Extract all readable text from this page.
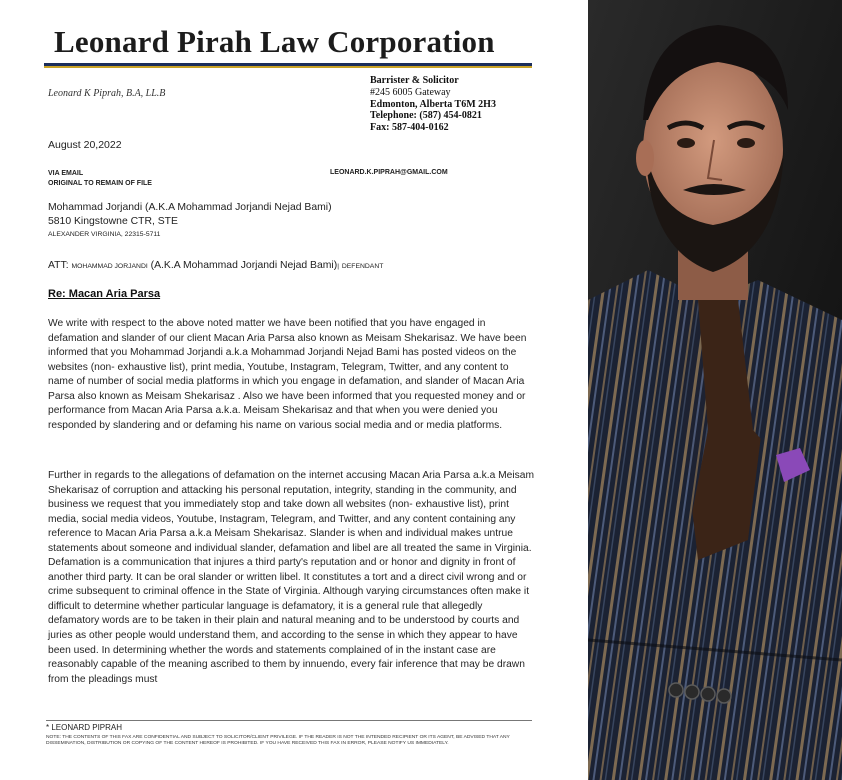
Leonard Pirah Law Corporation
Leonard K Piprah, B.A, LL.B
Barrister & Solicitor
#245 6005 Gateway
Edmonton, Alberta T6M 2H3
Telephone: (587) 454-0821
Fax: 587-404-0162
August 20,2022
VIA EMAIL
ORIGINAL TO REMAIN OF FILE
LEONARD.K.PIPRAH@GMAIL.COM
Mohammad Jorjandi (A.K.A Mohammad Jorjandi Nejad Bami)
5810 Kingstowne CTR, STE
ALEXANDER VIRGINIA, 22315-5711
ATT: MOHAMMAD JORJANDI (A.K.A Mohammad Jorjandi Nejad Bami)| DEFENDANT
Re: Macan Aria Parsa
We write with respect to the above noted matter we have been notified that you have engaged in defamation and slander of our client Macan Aria Parsa also known as Meisam Shekarisaz. We have been informed that you Mohammad Jorjandi a.k.a Mohammad Jorjandi Nejad Bami has posted videos on the websites (non- exhaustive list), print media, Youtube, Instagram, Telegram, Twitter, and any content to name of number of social media platforms in which you engage in defamation, and slander of Macan Aria Parsa also known as Meisam Shekarisaz . Also we have been informed that you requested money and or performance from Macan Aria Parsa a.k.a. Meisam Shekarisaz and that when you were denied you responded by slandering and or defaming his name on various social media and or media platforms.
Further in regards to the allegations of defamation on the internet accusing Macan Aria Parsa a.k.a Meisam Shekarisaz of corruption and attacking his personal reputation, integrity, standing in the community, and business we request that you immediately stop and take down all websites (non- exhaustive list), print media, social media videos, Youtube, Instagram, Telegram, and Twitter, and any content containing any reference to Macan Aria Parsa a.k.a Meisam Shekarisaz. Slander is when and individual makes untrue statements about someone and individual slander, defamation and libel are all treated the same in Virginia. Defamation is a communication that injures a third party's reputation and or honor and dignity in front of another third party. It can be oral slander or written libel. It constitutes a tort and a direct civil wrong and or crime subsequent to criminal offence in the State of Virginia. Although varying circumstances often make it difficult to determine whether particular language is defamatory, it is a general rule that allegedly defamatory words are to be taken in their plain and natural meaning and to be understood by courts and juries as other people would understand them, and according to the sense in which they appear to have been used. In determining whether the words and statements complained of in the instant case are reasonably capable of the meaning ascribed to them by innuendo, every fair inference that may be drawn from the pleadings must
* LEONARD PIPRAH
NOTE: THE CONTENTS OF THIS FAX ARE CONFIDENTIAL AND SUBJECT TO SOLICITOR/CLIENT PRIVILEGE. IF THE READER IS NOT THE INTENDED RECIPIENT OR ITS AGENT, BE ADVISED THAT ANY DISSEMINATION, DISTRIBUTION OR COPYING OF THE CONTENT HEREOF IS PROHIBITED. IF YOU HAVE RECEIVED THIS FAX IN ERROR, PLEASE NOTIFY US IMMEDIATELY.
